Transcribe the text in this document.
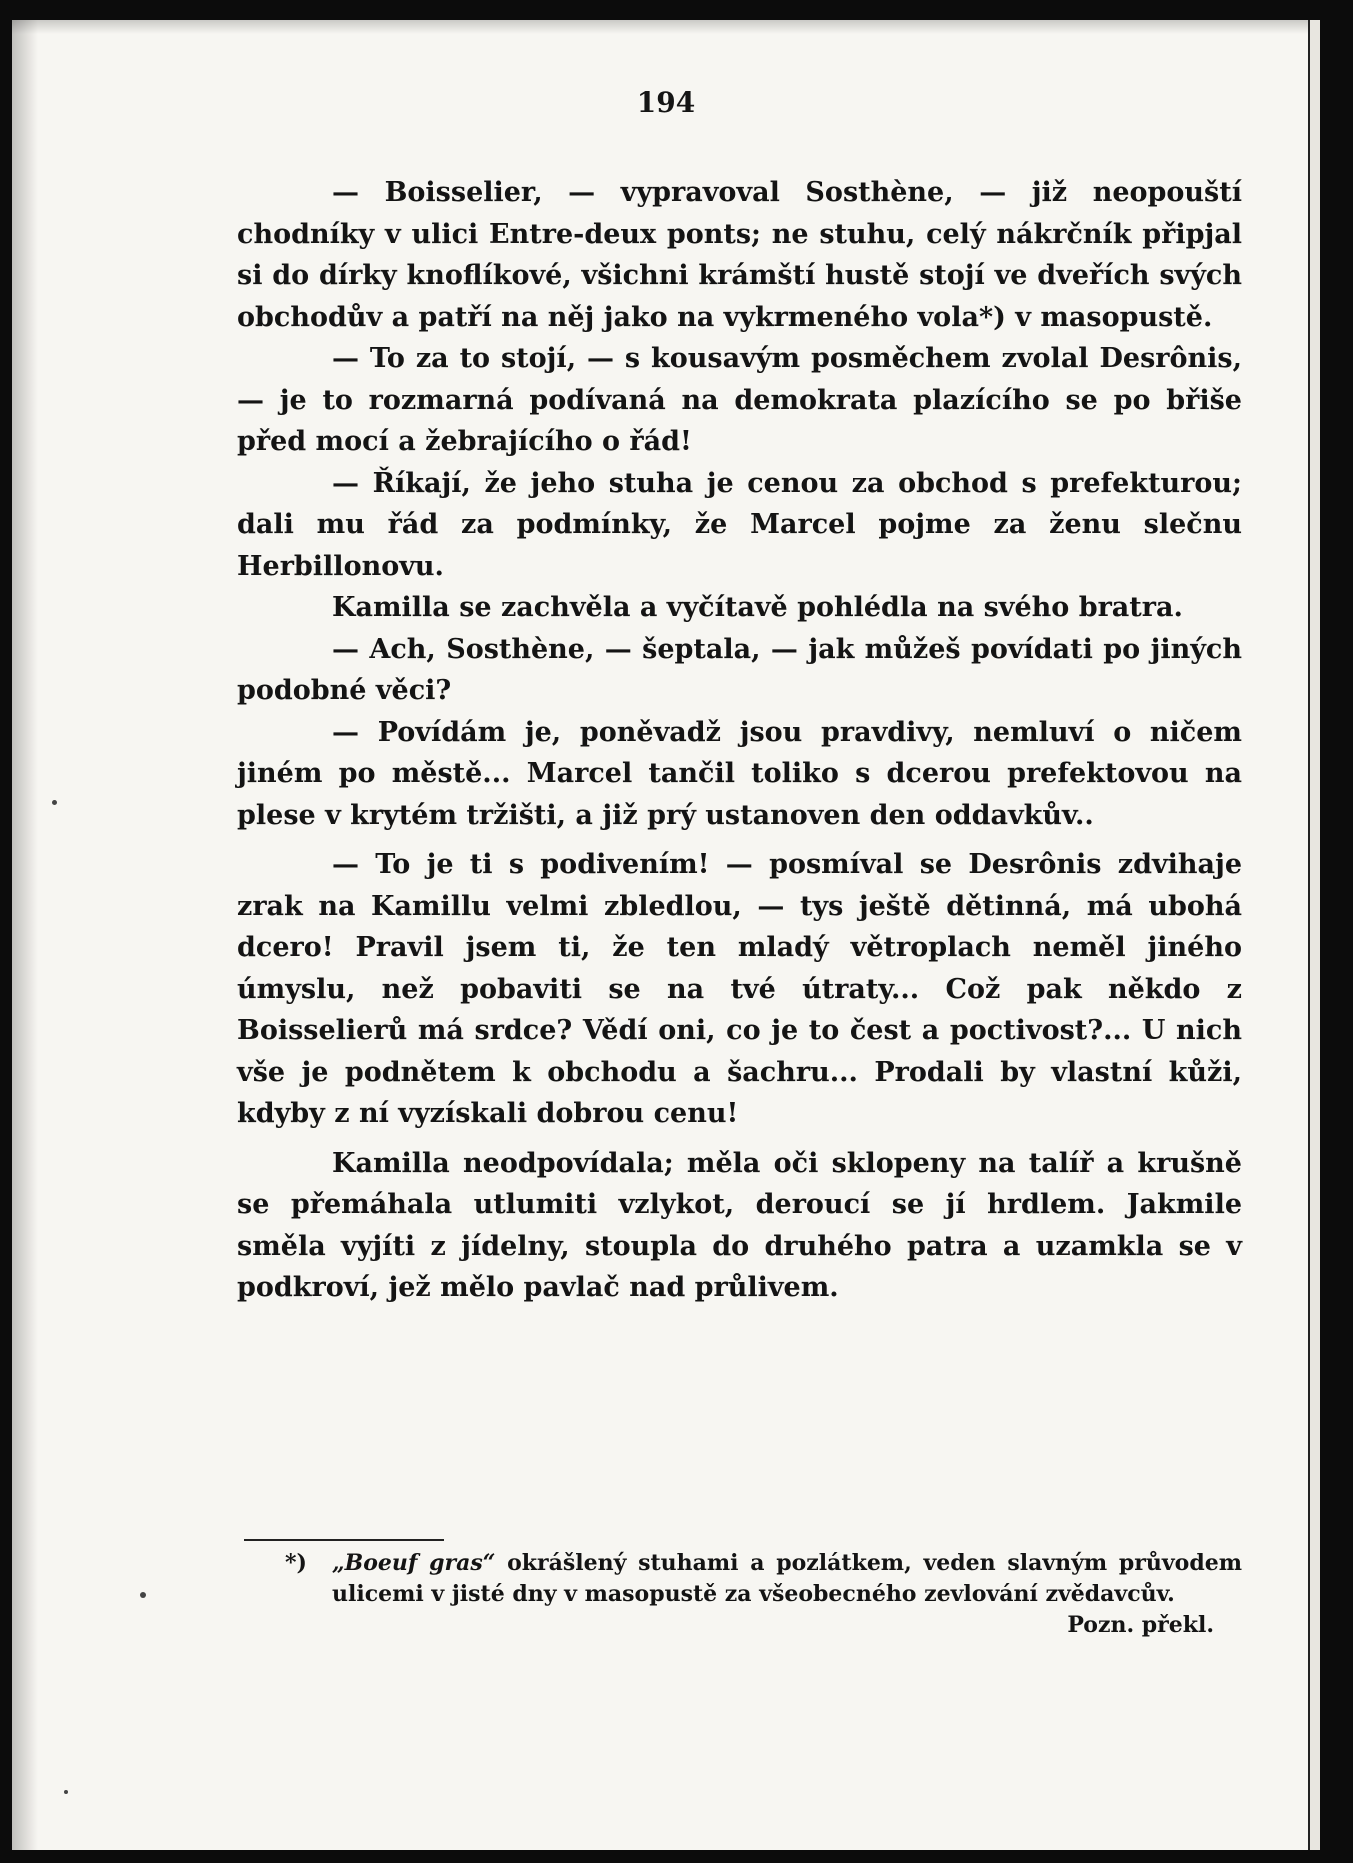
194

— Boisselier, — vypravoval Sosthène, — již neopouští chodníky v ulici Entre-deux ponts; ne stuhu, celý nákrčník připjal si do dírky knoflíkové, všichni krámští hustě stojí ve dveřích svých obchodův a patří na něj jako na vykrmeného vola*) v masopustě.

— To za to stojí, — s kousavým posměchem zvolal Desrônis, — je to rozmarná podívaná na demokrata plazícího se po břiše před mocí a žebrajícího o řád!

— Říkají, že jeho stuha je cenou za obchod s prefekturou; dali mu řád za podmínky, že Marcel pojme za ženu slečnu Herbillonovu.

Kamilla se zachvěla a vyčítavě pohlédla na svého bratra.

— Ach, Sosthène, — šeptala, — jak můžeš povídati po jiných podobné věci?

— Povídám je, poněvadž jsou pravdivy, nemluví o ničem jiném po městě... Marcel tančil toliko s dcerou prefektovou na plese v krytém tržišti, a již prý ustanoven den oddavkův..

— To je ti s podivením! — posmíval se Desrônis zdvihaje zrak na Kamillu velmi zbledlou, — tys ještě dětinná, má ubohá dcero! Pravil jsem ti, že ten mladý větroplach neměl jiného úmyslu, než pobaviti se na tvé útraty... Což pak někdo z Boisselierů má srdce? Vědí oni, co je to čest a poctivost?... U nich vše je podnětem k obchodu a šachru... Prodali by vlastní kůži, kdyby z ní vyzískali dobrou cenu!

Kamilla neodpovídala; měla oči sklopeny na talíř a krušně se přemáhala utlumiti vzlykot, deroucí se jí hrdlem. Jakmile směla vyjíti z jídelny, stoupla do druhého patra a uzamkla se v podkroví, jež mělo pavlač nad průlivem.

*) „Boeuf gras“ okrášlený stuhami a pozlátkem, veden slavným průvodem ulicemi v jisté dny v masopustě za všeobecného zevlování zvědavcův.
Pozn. překl.
